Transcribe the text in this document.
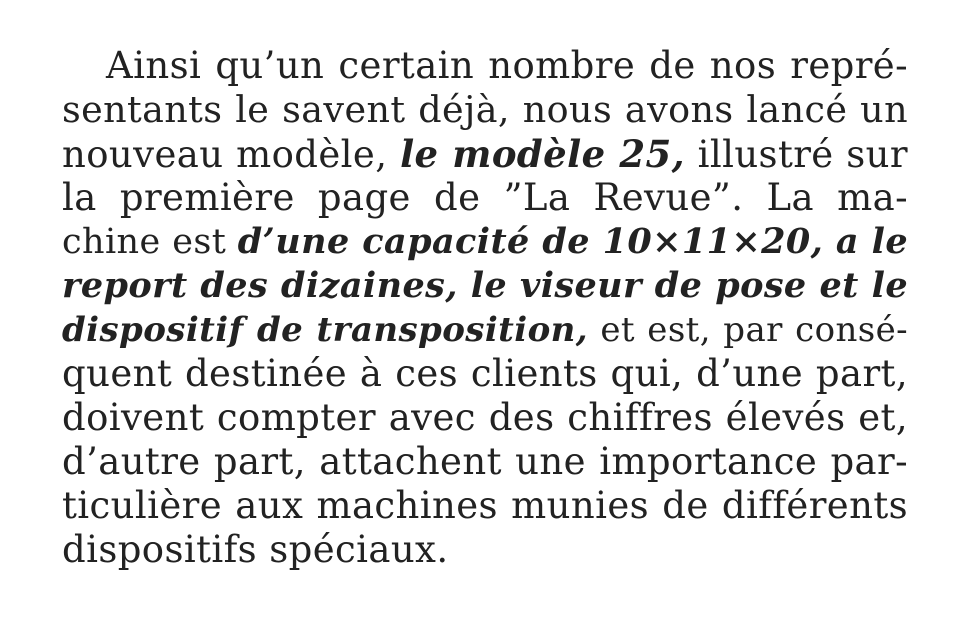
Ainsi qu’un certain nombre de nos repré-
sentants le savent déjà, nous avons lancé un
nouveau modèle, le modèle 25, illustré sur
la première page de ”La Revue”. La ma-
chine est d’une capacité de 10×11×20, a le
report des dizaines, le viseur de pose et le
dispositif de transposition, et est, par consé-
quent destinée à ces clients qui, d’une part,
doivent compter avec des chiffres élevés et,
d’autre part, attachent une importance par-
ticulière aux machines munies de différents
dispositifs spéciaux.
